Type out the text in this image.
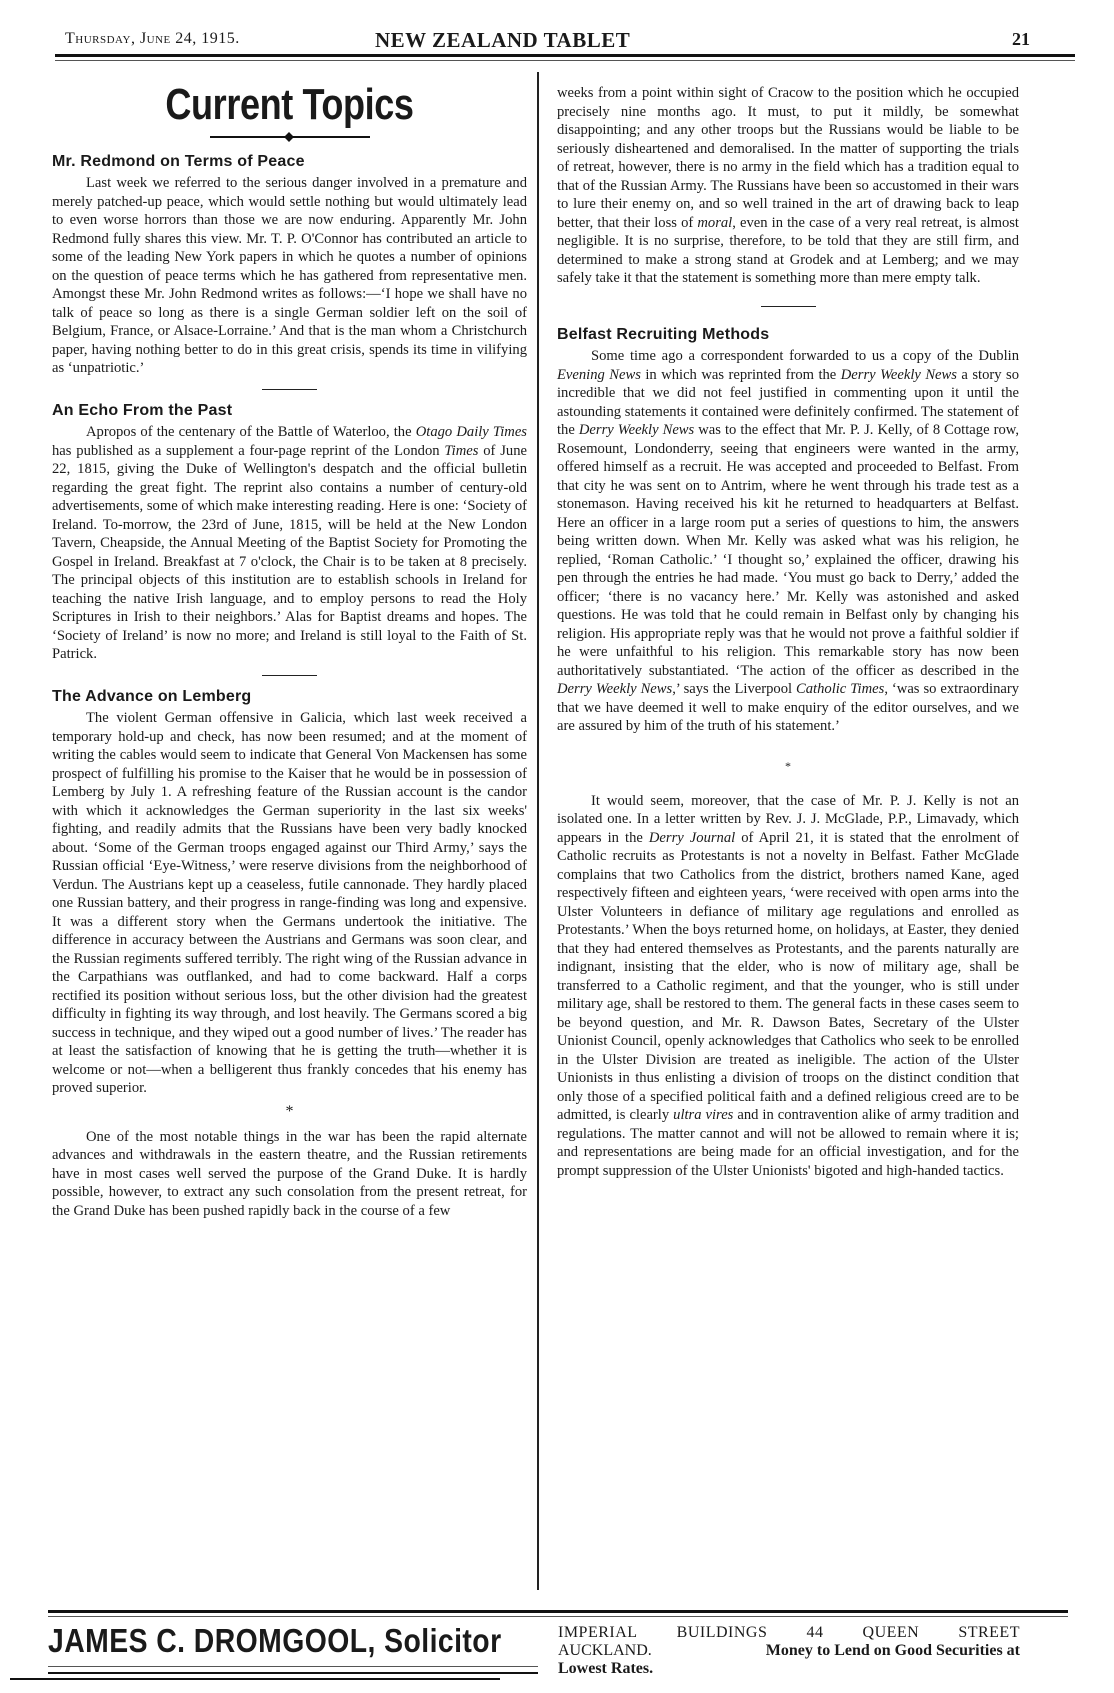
Thursday, June 24, 1915.	NEW ZEALAND TABLET	21
Current Topics
Mr. Redmond on Terms of Peace

Last week we referred to the serious danger involved in a premature and merely patched-up peace, which would settle nothing but would ultimately lead to even worse horrors than those we are now enduring. Apparently Mr. John Redmond fully shares this view. Mr. T. P. O'Connor has contributed an article to some of the leading New York papers in which he quotes a number of opinions on the question of peace terms which he has gathered from representative men. Amongst these Mr. John Redmond writes as follows:—‘I hope we shall have no talk of peace so long as there is a single German soldier left on the soil of Belgium, France, or Alsace-Lorraine.’ And that is the man whom a Christchurch paper, having nothing better to do in this great crisis, spends its time in vilifying as ‘unpatriotic.’

An Echo From the Past

Apropos of the centenary of the Battle of Waterloo, the Otago Daily Times has published as a supplement a four-page reprint of the London Times of June 22, 1815, giving the Duke of Wellington's despatch and the official bulletin regarding the great fight. The reprint also contains a number of century-old advertisements, some of which make interesting reading. Here is one: ‘Society of Ireland. To-morrow, the 23rd of June, 1815, will be held at the New London Tavern, Cheapside, the Annual Meeting of the Baptist Society for Promoting the Gospel in Ireland. Breakfast at 7 o'clock, the Chair is to be taken at 8 precisely. The principal objects of this institution are to establish schools in Ireland for teaching the native Irish language, and to employ persons to read the Holy Scriptures in Irish to their neighbors.’ Alas for Baptist dreams and hopes. The ‘Society of Ireland’ is now no more; and Ireland is still loyal to the Faith of St. Patrick.

The Advance on Lemberg

The violent German offensive in Galicia, which last week received a temporary hold-up and check, has now been resumed; and at the moment of writing the cables would seem to indicate that General Von Mackensen has some prospect of fulfilling his promise to the Kaiser that he would be in possession of Lemberg by July 1. A refreshing feature of the Russian account is the candor with which it acknowledges the German superiority in the last six weeks' fighting, and readily admits that the Russians have been very badly knocked about. ‘Some of the German troops engaged against our Third Army,’ says the Russian official ‘Eye-Witness,’ were reserve divisions from the neighborhood of Verdun. The Austrians kept up a ceaseless, futile cannonade. They hardly placed one Russian battery, and their progress in range-finding was long and expensive. It was a different story when the Germans undertook the initiative. The difference in accuracy between the Austrians and Germans was soon clear, and the Russian regiments suffered terribly. The right wing of the Russian advance in the Carpathians was outflanked, and had to come backward. Half a corps rectified its position without serious loss, but the other division had the greatest difficulty in fighting its way through, and lost heavily. The Germans scored a big success in technique, and they wiped out a good number of lives.’ The reader has at least the satisfaction of knowing that he is getting the truth—whether it is welcome or not—when a belligerent thus frankly concedes that his enemy has proved superior.

*

One of the most notable things in the war has been the rapid alternate advances and withdrawals in the eastern theatre, and the Russian retirements have in most cases well served the purpose of the Grand Duke. It is hardly possible, however, to extract any such consolation from the present retreat, for the Grand Duke has been pushed rapidly back in the course of a few

weeks from a point within sight of Cracow to the position which he occupied precisely nine months ago. It must, to put it mildly, be somewhat disappointing; and any other troops but the Russians would be liable to be seriously disheartened and demoralised. In the matter of supporting the trials of retreat, however, there is no army in the field which has a tradition equal to that of the Russian Army. The Russians have been so accustomed in their wars to lure their enemy on, and so well trained in the art of drawing back to leap better, that their loss of moral, even in the case of a very real retreat, is almost negligible. It is no surprise, therefore, to be told that they are still firm, and determined to make a strong stand at Grodek and at Lemberg; and we may safely take it that the statement is something more than mere empty talk.

Belfast Recruiting Methods

Some time ago a correspondent forwarded to us a copy of the Dublin Evening News in which was reprinted from the Derry Weekly News a story so incredible that we did not feel justified in commenting upon it until the astounding statements it contained were definitely confirmed. The statement of the Derry Weekly News was to the effect that Mr. P. J. Kelly, of 8 Cottage row, Rosemount, Londonderry, seeing that engineers were wanted in the army, offered himself as a recruit. He was accepted and proceeded to Belfast. From that city he was sent on to Antrim, where he went through his trade test as a stonemason. Having received his kit he returned to headquarters at Belfast. Here an officer in a large room put a series of questions to him, the answers being written down. When Mr. Kelly was asked what was his religion, he replied, ‘Roman Catholic.’ ‘I thought so,’ explained the officer, drawing his pen through the entries he had made. ‘You must go back to Derry,’ added the officer; ‘there is no vacancy here.’ Mr. Kelly was astonished and asked questions. He was told that he could remain in Belfast only by changing his religion. His appropriate reply was that he would not prove a faithful soldier if he were unfaithful to his religion. This remarkable story has now been authoritatively substantiated. ‘The action of the officer as described in the Derry Weekly News,’ says the Liverpool Catholic Times, ‘was so extraordinary that we have deemed it well to make enquiry of the editor ourselves, and we are assured by him of the truth of his statement.’

*

It would seem, moreover, that the case of Mr. P. J. Kelly is not an isolated one. In a letter written by Rev. J. J. McGlade, P.P., Limavady, which appears in the Derry Journal of April 21, it is stated that the enrolment of Catholic recruits as Protestants is not a novelty in Belfast. Father McGlade complains that two Catholics from the district, brothers named Kane, aged respectively fifteen and eighteen years, ‘were received with open arms into the Ulster Volunteers in defiance of military age regulations and enrolled as Protestants.’ When the boys returned home, on holidays, at Easter, they denied that they had entered themselves as Protestants, and the parents naturally are indignant, insisting that the elder, who is now of military age, shall be transferred to a Catholic regiment, and that the younger, who is still under military age, shall be restored to them. The general facts in these cases seem to be beyond question, and Mr. R. Dawson Bates, Secretary of the Ulster Unionist Council, openly acknowledges that Catholics who seek to be enrolled in the Ulster Division are treated as ineligible. The action of the Ulster Unionists in thus enlisting a division of troops on the distinct condition that only those of a specified political faith and a defined religious creed are to be admitted, is clearly ultra vires and in contravention alike of army tradition and regulations. The matter cannot and will not be allowed to remain where it is; and representations are being made for an official investigation, and for the prompt suppression of the Ulster Unionists' bigoted and high-handed tactics.

JAMES C. DROMGOOL, Solicitor	IMPERIAL BUILDINGS 44 QUEEN STREET
AUCKLAND.	Money to Lend on Good Securities at
Lowest Rates.
